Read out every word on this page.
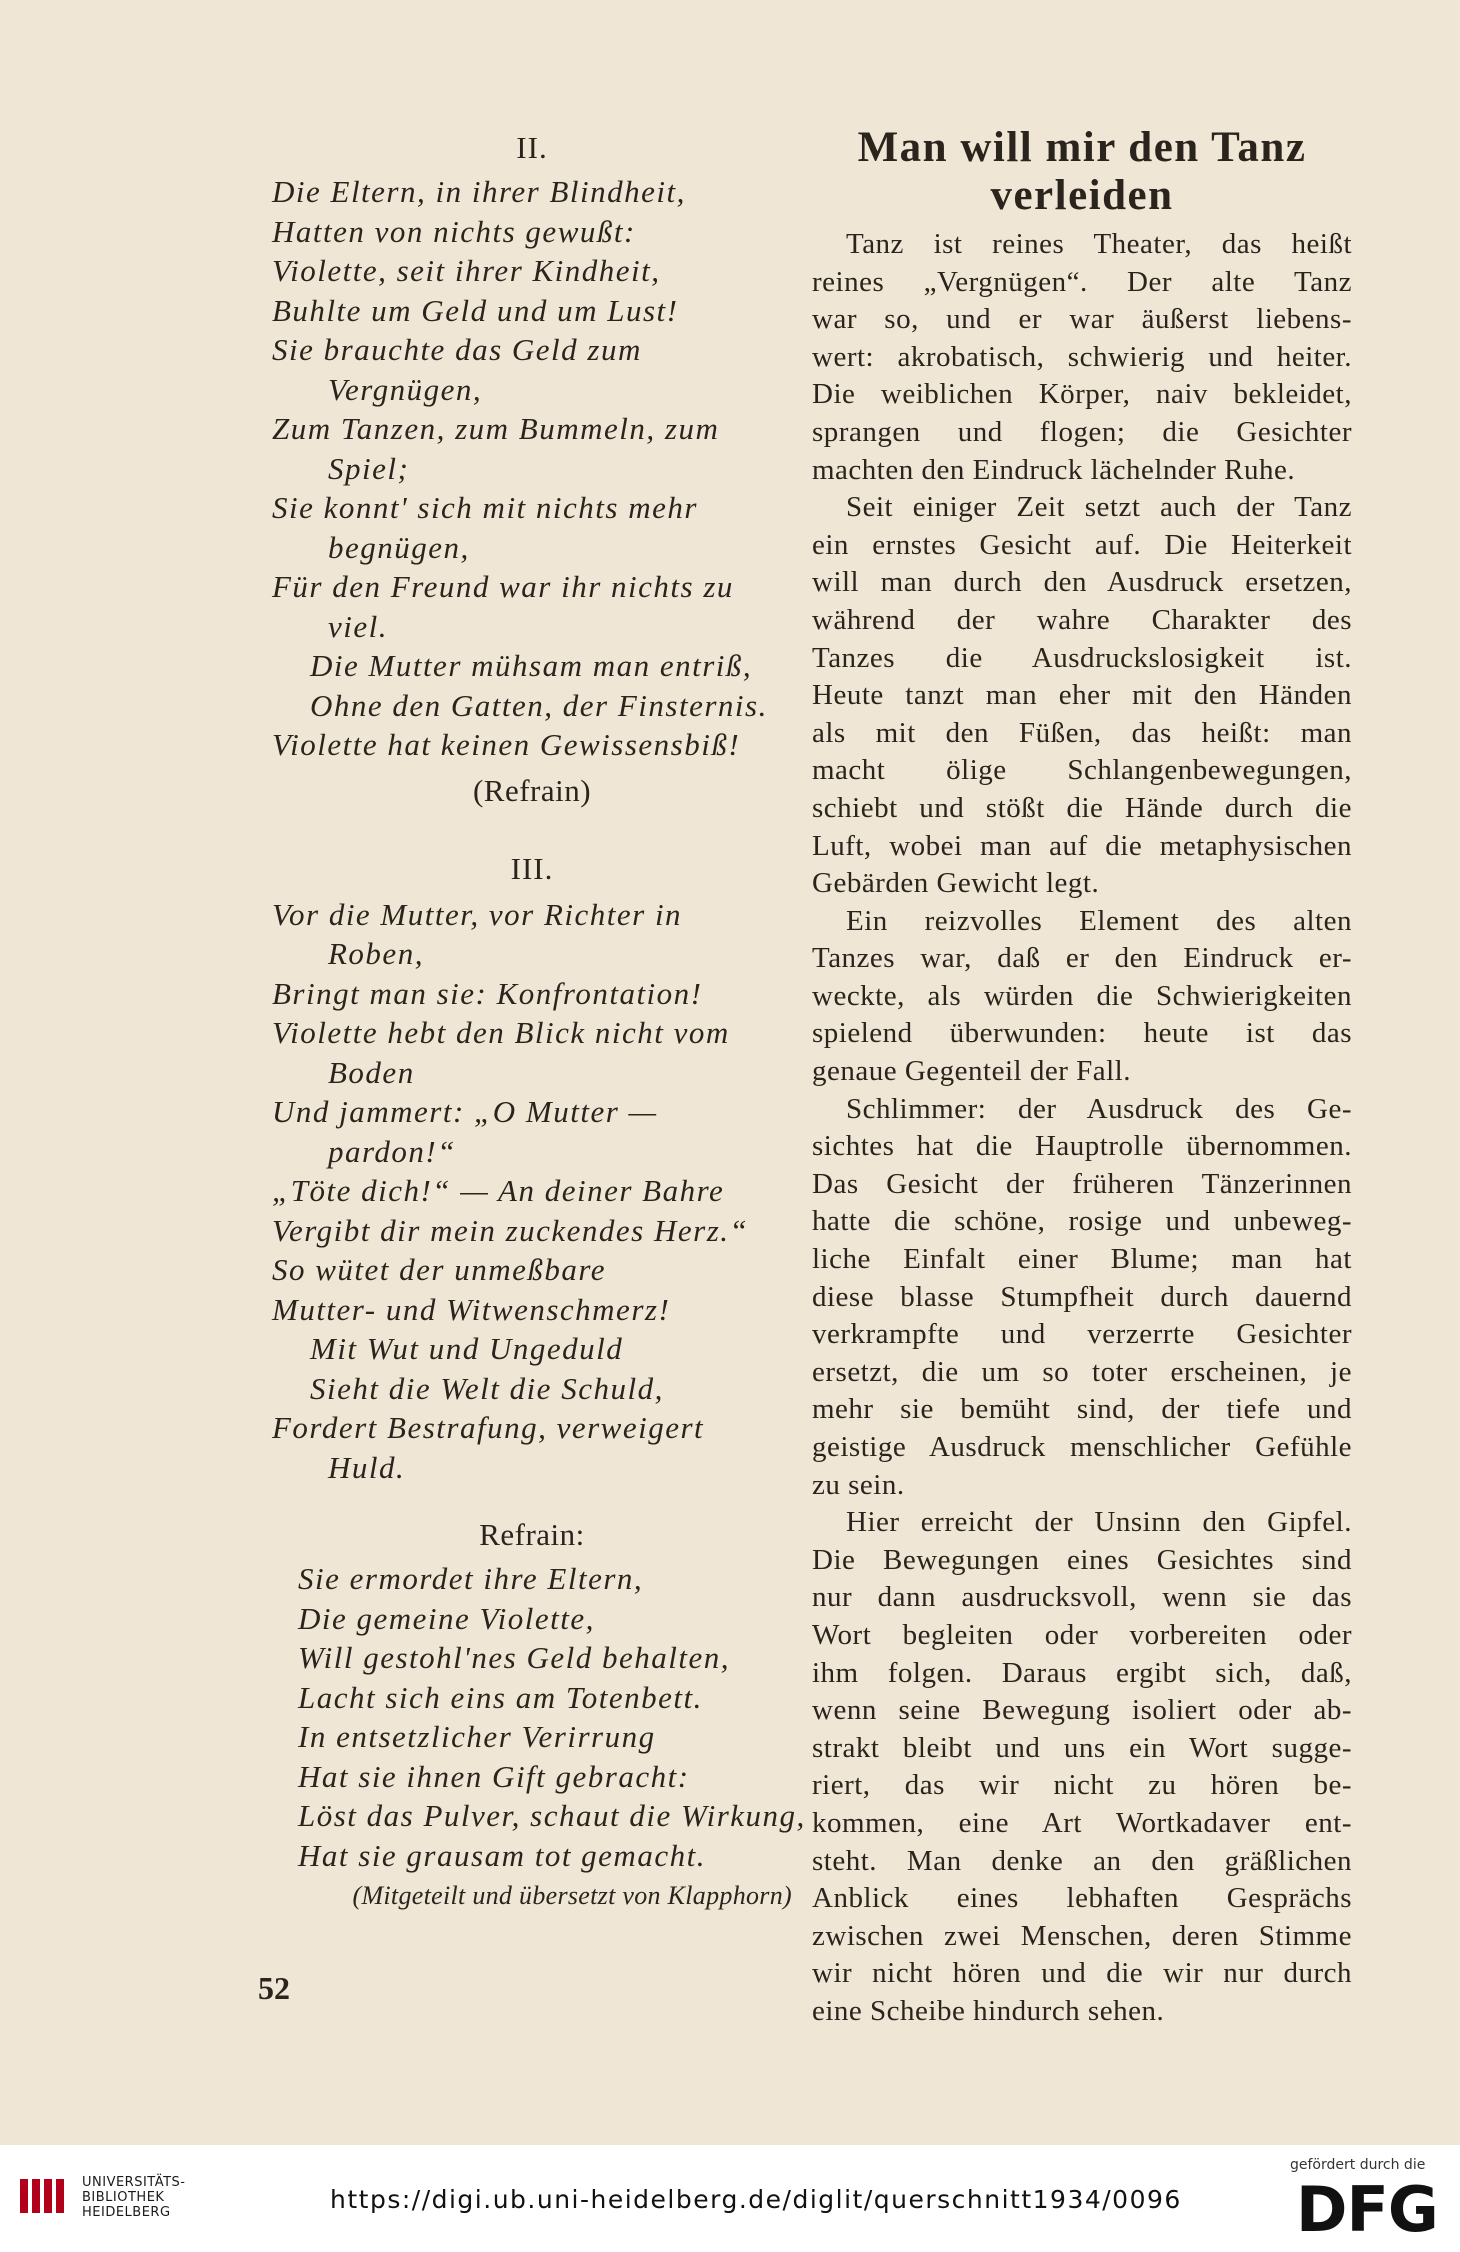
II.
Die Eltern, in ihrer Blindheit,
Hatten von nichts gewußt:
Violette, seit ihrer Kindheit,
Buhlte um Geld und um Lust!
Sie brauchte das Geld zum
Vergnügen,
Zum Tanzen, zum Bummeln, zum
Spiel;
Sie konnt' sich mit nichts mehr
begnügen,
Für den Freund war ihr nichts zu
viel.
Die Mutter mühsam man entriß,
Ohne den Gatten, der Finsternis.
Violette hat keinen Gewissensbiß!
(Refrain)
III.
Vor die Mutter, vor Richter in
Roben,
Bringt man sie: Konfrontation!
Violette hebt den Blick nicht vom
Boden
Und jammert: „O Mutter —
pardon!“
„Töte dich!“ — An deiner Bahre
Vergibt dir mein zuckendes Herz.“
So wütet der unmeßbare
Mutter- und Witwenschmerz!
Mit Wut und Ungeduld
Sieht die Welt die Schuld,
Fordert Bestrafung, verweigert
Huld.
Refrain:
Sie ermordet ihre Eltern,
Die gemeine Violette,
Will gestohl'nes Geld behalten,
Lacht sich eins am Totenbett.
In entsetzlicher Verirrung
Hat sie ihnen Gift gebracht:
Löst das Pulver, schaut die Wirkung,
Hat sie grausam tot gemacht.
(Mitgeteilt und übersetzt von Klapphorn)
Man will mir den Tanz
verleiden
Tanz ist reines Theater, das heißt
reines „Vergnügen“. Der alte Tanz
war so, und er war äußerst liebens-
wert: akrobatisch, schwierig und heiter.
Die weiblichen Körper, naiv bekleidet,
sprangen und flogen; die Gesichter
machten den Eindruck lächelnder Ruhe.
Seit einiger Zeit setzt auch der Tanz
ein ernstes Gesicht auf. Die Heiterkeit
will man durch den Ausdruck ersetzen,
während der wahre Charakter des
Tanzes die Ausdruckslosigkeit ist.
Heute tanzt man eher mit den Händen
als mit den Füßen, das heißt: man
macht ölige Schlangenbewegungen,
schiebt und stößt die Hände durch die
Luft, wobei man auf die metaphysischen
Gebärden Gewicht legt.
Ein reizvolles Element des alten
Tanzes war, daß er den Eindruck er-
weckte, als würden die Schwierigkeiten
spielend überwunden: heute ist das
genaue Gegenteil der Fall.
Schlimmer: der Ausdruck des Ge-
sichtes hat die Hauptrolle übernommen.
Das Gesicht der früheren Tänzerinnen
hatte die schöne, rosige und unbeweg-
liche Einfalt einer Blume; man hat
diese blasse Stumpfheit durch dauernd
verkrampfte und verzerrte Gesichter
ersetzt, die um so toter erscheinen, je
mehr sie bemüht sind, der tiefe und
geistige Ausdruck menschlicher Gefühle
zu sein.
Hier erreicht der Unsinn den Gipfel.
Die Bewegungen eines Gesichtes sind
nur dann ausdrucksvoll, wenn sie das
Wort begleiten oder vorbereiten oder
ihm folgen. Daraus ergibt sich, daß,
wenn seine Bewegung isoliert oder ab-
strakt bleibt und uns ein Wort sugge-
riert, das wir nicht zu hören be-
kommen, eine Art Wortkadaver ent-
steht. Man denke an den gräßlichen
Anblick eines lebhaften Gesprächs
zwischen zwei Menschen, deren Stimme
wir nicht hören und die wir nur durch
eine Scheibe hindurch sehen.
52
UNIVERSITÄTS-
BIBLIOTHEK
HEIDELBERG	https://digi.ub.uni-heidelberg.de/diglit/querschnitt1934/0096
gefördert durch die
DFG
